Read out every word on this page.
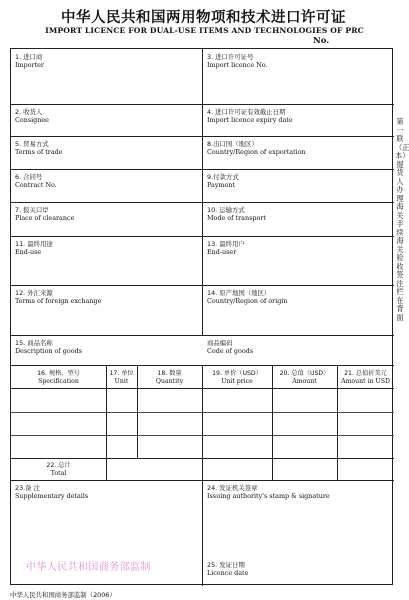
中华人民共和国两用物项和技术进口许可证
IMPORT LICENCE FOR DUAL-USE ITEMS AND TECHNOLOGIES OF PRC
No.
1. 进口商
Importer
3. 进口许可证号
Import licence No.
2. 收货人
Consignee
4. 进口许可证有效截止日期
Import licence expiry date
5. 贸易方式
Terms of trade
8.出口国（地区）
Country/Region of exportation
6. 合同号
Contract No.
9.付款方式
Payment
7. 报关口岸
Place of clearance
10. 运输方式
Mode of transport
11. 最终用途
End-use
13. 最终用户
End-user
12. 外汇来源
Terms of foreign exchange
14. 原产地国（地区）
Country/Region of origin
15. 商品名称
Description of goods
商品编码
Code of goods
16. 规格、型号
Specification
17. 单位
Unit
18. 数量
Quantity
19. 单价（USD）
Unit price
20. 总值（USD）
Amount
21. 总值折美元
Amount in USD
22. 总计
Total
23.备 注
Supplementary details
24. 发证机关签章
Issuing authority's stamp & signature
25. 发证日期
Licence date
第一联（正本）提货人办理海关手续 海关验收签注栏在背面
中华人民共和国商务部监制
中华人民共和国商务部监制（2006）
